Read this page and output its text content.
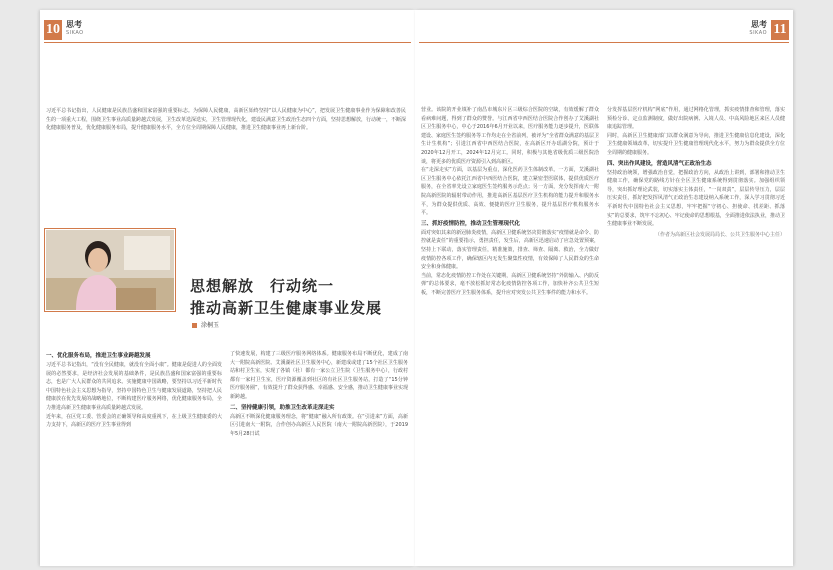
10 思考
SIKAO
习近平总书记指出，人民健康是民族昌盛和国家富强的重要标志。为保障人民健康，高新区始终坚持“以人民健康为中心”，把发展卫生健康事业作为保障和改善民生的一项重大工程，围绕卫生事业高质量跨越式发展，卫生改革迭深迭实，卫生管理现代化，建设民满意卫生政治生态四个方面，坚持思想解放，行动统一，不断深化健康服务普及，优化健康服务布局，提升健康服务水平，全方位全周期保障人民健康，推进卫生健康事业再上新台阶。
思想解放　行动统一
推动高新卫生健康事业发展
涂桐玉
一、优化服务布局，推进卫生事业跨越发展
习近平总书记指出，“没有全民健康，就没有全面小康”。健康是促进人的全面发展的必然要求，是经济社会发展的基础条件，是民族昌盛和国家富强的重要标志，也是广大人民群众的共同追求。实施健康中国战略，要坚持以习近平新时代中国特色社会主义思想为指导，坚持中国特色卫生与健康发展道路，坚持把人民健康放在优先发展的战略地位，不断构建医疗服务网络，优化健康服务布局，全力推进高新卫生健康事业高质量跨越式发展。
近年来，在区党工委、管委会的正确领导和高度重视下，在上级卫生健康委的大力支持下，高新区的医疗卫生事业得到
了快速发展，构建了三级医疗服务网络体系。健康服务布局不断优化，建成了南大一附院高新医院、艾溪湖社区卫生服务中心，新建成或建了15个社区卫生服务站和村卫生室，实现了各镇（社）都有一家公立卫生院（卫生服务中心），行政村都有一家村卫生室，医疗资源覆盖到社区的有社区卫生服务站，打造了“15分钟医疗服务圈”，有效提升了群众获得感、幸福感、安全感，推动卫生健康事业实现新跨越。
二、坚持健康引领，助推卫生改革走深走实
高新区不断深化健康服务理念，将“健康”融入所有政策。在“引进来”方面，高新区引进南大一附院，合作创办高新区人民医院（南大一附院高新医院），于2019年5月28日试
思考
SIKAO 11
营业。该院的开业填补了南昌市城东片区三级综合医院的空缺，有效缓解了群众看病难问题，得到了群众的赞誉。与江西省中西医结合医院合作创办了艾溪湖社区卫生服务中心，中心于2016年6月开业以来，医疗服务能力逐步提升，医联体建设、家庭医生签约服务等工作均走在全省前列，被评为“全省群众满意的基层卫生计生机构”；引进江西省中西医结合医院，在高新区开办瑶湖分院，预计于2020年12月开工，2024年12月完工。同时，积极与其他省级优质三级医院洽谈，将更多的优质医疗资源引入到高新区。
在“走深走实”方面，以基层为重点，深化医药卫生体制改革。一方面，艾溪湖社区卫生服务中心依托江西省中西医结合医院，建立紧密型医联体，提供优质医疗服务，在全省率先设立家庭医生签约服务示范点；另一方面，充分发挥南大一附院高新医院的辐射带动作用，推进高新区基层医疗卫生机构的能力提升和服务水平，为群众提供优质、高效、便捷的医疗卫生服务，提升基层医疗机构服务水平。
三、抓好疫情防控，推动卫生管理现代化
面对突如其来的新冠肺炎疫情，高新区卫健系统坚决贯彻落实“疫情就是命令、防控就是责任”的重要指示，勇担责任，发生后，高新区迅速启动了应急处置预案，坚持上下联动，落实管理责任，精准施策，排查、筛查、隔离、救治，全力做好疫情防控各项工作，确保辖区内无发生聚集性疫情，有效保障了人民群众的生命安全和身体健康。
当前，常态化疫情防控工作处在关键期，高新区卫健系统坚持“外防输入、内防反弹”的总体要求，毫不放松抓好常态化疫情防控各项工作，加快补齐公共卫生短板，不断完善医疗卫生服务体系，提升应对突发公共卫生事件的能力和水平。
分发挥基层医疗机构“网底”作用，通过网格化管理，抓实疫情排查和管理，落实预检分诊、定点监测制度，做好出院病例、入境人员、中高风险地区来区人员健康追踪管理。
同时，高新区卫生健康部门以群众满意为导向，推进卫生健康信息化建设，深化卫生健康领域改革，切实提升卫生健康管理现代化水平，努力为群众提供全方位全周期的健康服务。
四、突出作风建设，营造风清气正政治生态
坚持政治统领，增强政治自觉，把握政治方向，从政治上讲到，部署和推动卫生健康工作，确保党的路线方针在全区卫生健康系统得到贯彻落实。加强组织领导，突出抓好理论武装，切实落实主体责任，“一岗双责”，层层传导压力，层层压实责任，抓好把发挥风清气正政治生态建设纳入系统工作，深入学习贯彻习近平新时代中国特色社会主义思想，牢牢把握“守初心、担使命、找差距、抓落实”的总要求，筑牢不忘初心、牢记使命的思想根基，全面推进依法执业，推动卫生健康事业不断发展。
（作者为高新区社会发展局局长、公共卫生服务中心主任）
